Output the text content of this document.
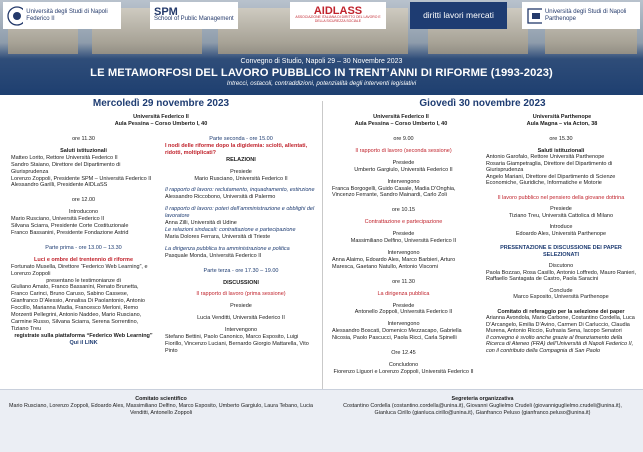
Università degli Studi di Napoli Federico II
SPM
School of Public Management
AIDLASS
ASSOCIAZIONE ITALIANA DI DIRITTO DEL LAVORO E DELLA SICUREZZA SOCIALE
diritti lavori mercati	Università degli Studi di Napoli Parthenope
Convegno di Studio, Napoli 29 – 30 Novembre 2023
LE METAMORFOSI DEL LAVORO PUBBLICO IN TRENT’ANNI DI RIFORME (1993-2023)
Intrecci, ostacoli, contraddizioni, potenzialità degli interventi legislativi
Mercoledì 29 novembre 2023	Giovedì 30 novembre 2023
Università Federico II
Aula Pessina – Corso Umberto I, 40
Università Federico II
Aula Pessina – Corso Umberto I, 40
Università Parthenope
Aula Magna – via Acton, 38
ore 11.30
Saluti istituzionali
Matteo Lorito, Rettore Università Federico II
Sandro Staiano, Direttore del Dipartimento di Giurisprudenza
Lorenzo Zoppoli, Presidente SPM – Università Federico II
Alessandro Garilli, Presidente AIDLaSS
ore 12.00
Introducono
Mario Rusciano, Università Federico II
Silvana Sciarra, Presidente Corte Costituzionale
Franco Bassanini, Presidente Fondazione Astrid
Parte prima - ore 13.00 – 13.30
Luci e ombre del trentennio di riforme
Fortunato Musella, Direttore “Federico Web Learning”, e Lorenzo Zoppoli
presentano le testimonianze di
Giuliano Amato, Franco Bassanini, Renato Brunetta, Franco Carinci, Bruno Caruso, Sabino Cassese, Gianfranco D’Alessio, Annalisa Di Paolantonio, Antonio Foccillo, Marianna Madia, Francesco Merloni, Remo Morzenti Pellegrini, Antonio Naddeo, Mario Rusciano, Carmine Russo, Silvana Sciarra, Serena Sorrentino, Tiziano Treu
registrate sulla piattaforma “Federico Web Learning”
Qui il LINK
Parte seconda - ore 15.00
I nodi delle riforme dopo la digidemia: scioltì, allentati, ridotti, moltiplicati?
RELAZIONI
Presiede
Mario Rusciano, Università Federico II
Il rapporto di lavoro: reclutamento, inquadramento, estinzione
Alessandro Riccobono, Università di Palermo
Il rapporto di lavoro: poteri dell’amministrazione e obblighi del lavoratore
Anna Zilli, Università di Udine
Le relazioni sindacali: contrattazione e partecipazione
Maria Dolores Ferrara, Università di Trieste
La dirigenza pubblica tra amministrazione e politica
Pasquale Monda, Università Federico II
Parte terza - ore 17.30 – 19.00
DISCUSSIONI
Il rapporto di lavoro (prima sessione)
Presiede
Lucia Venditti, Università Federico II
Intervengono
Stefano Bettini, Paolo Canonico, Marco Esposito, Luigi Fiorillo, Vincenzo Luciani, Bernardo Giorgio Mattarella, Vito Pinto
ore 9.00
Il rapporto di lavoro (seconda sessione)
Presiede
Umberto Gargiulo, Università Federico II
Intervengono
Franca Borgogelli, Guido Casale, Madia D’Onghia, Vincenzo Ferrante, Sandro Mainardi, Carlo Zoli
ore 10.15
Contrattazione e partecipazione
Presiede
Massimiliano Delfino, Università Federico II
Intervengono
Anna Alaimo, Edoardo Ales, Marco Barbieri, Arturo Maresca, Gaetano Natullo, Antonio Viscomi
ore 11.30
La dirigenza pubblica
Presiede
Antonello Zoppoli, Università Federico II
Intervengono
Alessandro Boscati, Domenico Mezzacapo, Gabriella Nicosia, Paolo Pascucci, Paola Ricci, Carla Spinelli
Ore 12.45
Concludono
Fiorenzo Liguori e Lorenzo Zoppoli, Università Federico II
ore 15.30
Saluti istituzionali
Antonio Garofalo, Rettore Università Parthenope
Rosaria Giampetraglia, Direttore del Dipartimento di Giurisprudenza
Angelo Mariani, Direttore del Dipartimento di Scienze Economiche, Giuridiche, Informatiche e Motorie
Il lavoro pubblico nel pensiero della giovane dottrina
Presiede
Tiziano Treu, Università Cattolica di Milano
Introduce
Edoardo Ales, Università Parthenope
PRESENTAZIONE E DISCUSSIONE DEI PAPER SELEZIONATI
Discutono
Paola Bozzao, Rosa Casillo, Antonio Loffredo, Mauro Ranieri, Raffaello Santagata de Castro, Paola Saracini
Conclude
Marco Esposito, Università Parthenope
Comitato di referaggio per la selezione dei paper
Arianna Avondola, Mario Carbone, Costantino Cordella, Luca D’Arcangelo, Emilia D’Avino, Carmen Di Carluccio, Claudia Murena, Antonio Riccio, Eufrasia Sena, Iacopo Senatori
Il convegno è svolto anche grazie al finanziamento della Ricerca di Ateneo (FRA) dell’Università di Napoli Federico II, con il contributo della Compagnia di San Paolo
Comitato scientifico
Mario Rusciano, Lorenzo Zoppoli, Edoardo Ales, Massimiliano Delfino, Marco Esposito, Umberto Gargiulo, Laura Tebano, Lucia Venditti, Antonello Zoppoli
Segreteria organizzativa
Costantino Cordella (costantino.cordella@unina.it), Giovanni Guglielmo Crudeli (giovanniguglielmo.crudeli@unina.it),
Gianluca Cirillo (gianluca.cirillo@unina.it), Gianfranco Peluso (gianfranco.peluso@unina.it)
